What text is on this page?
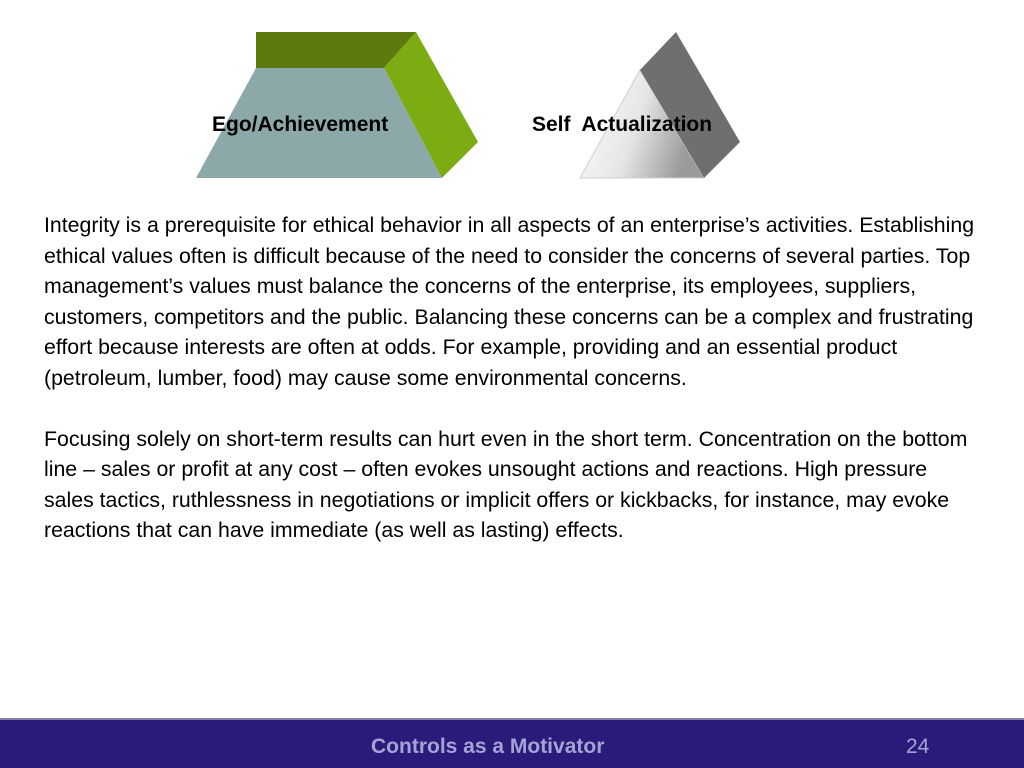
Ego/Achievement	Self  Actualization

Integrity is a prerequisite for ethical behavior in all aspects of an enterprise’s activities. Establishing ethical values often is difficult because of the need to consider the concerns of several parties. Top management’s values must balance the concerns of the enterprise, its employees, suppliers, customers, competitors and the public. Balancing these concerns can be a complex and frustrating effort because interests are often at odds. For example, providing and an essential product (petroleum, lumber, food) may cause some environmental concerns.

Focusing solely on short-term results can hurt even in the short term. Concentration on the bottom line – sales or profit at any cost – often evokes unsought actions and reactions. High pressure sales tactics, ruthlessness in negotiations or implicit offers or kickbacks, for instance, may evoke reactions that can have immediate (as well as lasting) effects.

Controls as a Motivator	24
